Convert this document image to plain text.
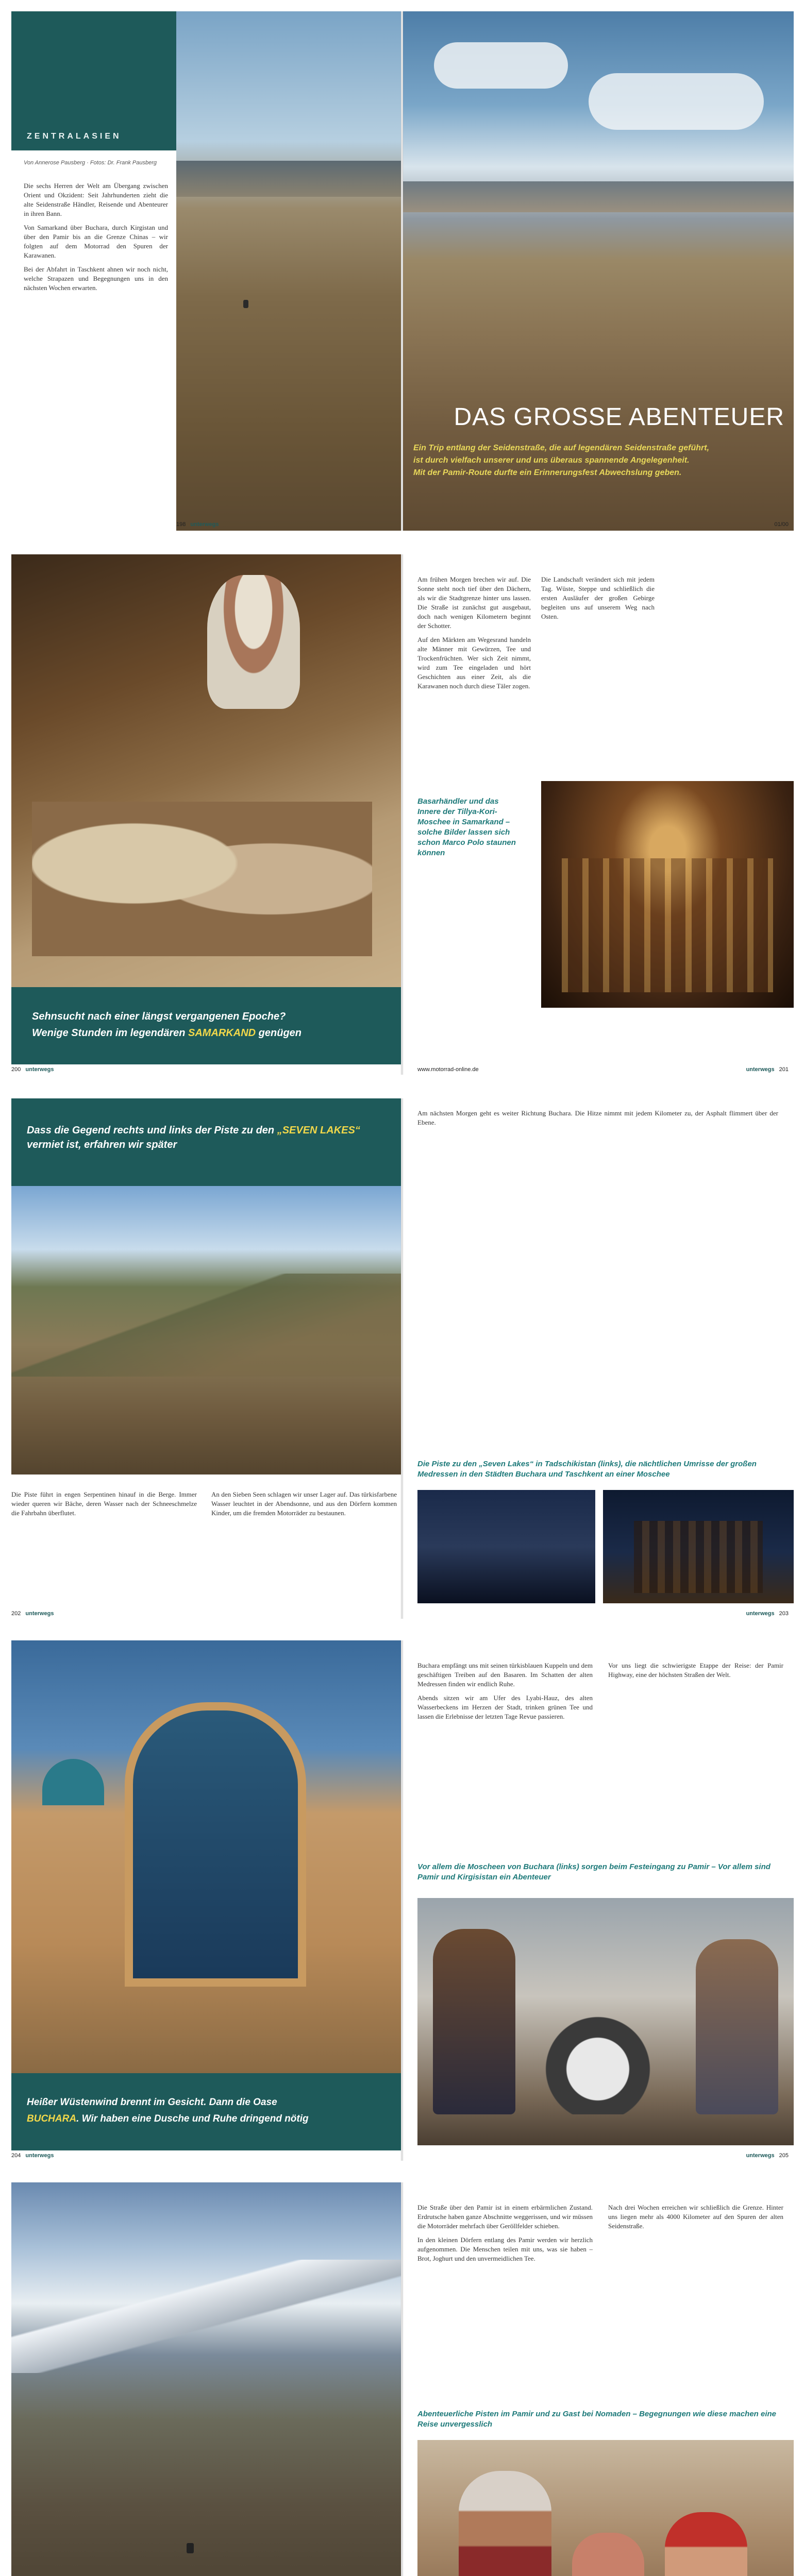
ZENTRALASIEN
Von Annerose Pausberg · Fotos: Dr. Frank Pausberg

Die sechs Herren der Welt am Übergang zwischen Orient und Okzident: Seit Jahrhunderten zieht die alte Seidenstraße Händler, Reisende und Abenteurer in ihren Bann.

Von Samarkand über Buchara, durch Kirgistan und über den Pamir bis an die Grenze Chinas – wir folgten auf dem Motorrad den Spuren der Karawanen.

Bei der Abfahrt in Taschkent ahnen wir noch nicht, welche Strapazen und Begegnungen uns in den nächsten Wochen erwarten.

DAS GROSSE ABENTEUER
Ein Trip entlang der Seidenstraße, die auf legendären Seidenstraße geführt,
ist durch vielfach unserer und uns überaus spannende Angelegenheit.
Mit der Pamir-Route durfte ein Erinnerungsfest Abwechslung geben.
198 unterwegs	01/00
Sehnsucht nach einer längst vergangenen Epoche?
Wenige Stunden im legendären SAMARKAND genügen

Am frühen Morgen brechen wir auf. Die Sonne steht noch tief über den Dächern, als wir die Stadtgrenze hinter uns lassen. Die Straße ist zunächst gut ausgebaut, doch nach wenigen Kilometern beginnt der Schotter.

Auf den Märkten am Wegesrand handeln alte Männer mit Gewürzen, Tee und Trockenfrüchten. Wer sich Zeit nimmt, wird zum Tee eingeladen und hört Geschichten aus einer Zeit, als die Karawanen noch durch diese Täler zogen.

Die Landschaft verändert sich mit jedem Tag. Wüste, Steppe und schließlich die ersten Ausläufer der großen Gebirge begleiten uns auf unserem Weg nach Osten.

Basarhändler und das Innere der Tillya-Kori-Moschee in Samarkand – solche Bilder lassen sich schon Marco Polo staunen können
200 unterwegs	www.motorrad-online.de	unterwegs 201
Dass die Gegend rechts und links der Piste zu den „SEVEN LAKES“ vermiet ist, erfahren wir später

Die Piste führt in engen Serpentinen hinauf in die Berge. Immer wieder queren wir Bäche, deren Wasser nach der Schneeschmelze die Fahrbahn überflutet.

An den Sieben Seen schlagen wir unser Lager auf. Das türkisfarbene Wasser leuchtet in der Abendsonne, und aus den Dörfern kommen Kinder, um die fremden Motorräder zu bestaunen.

Am nächsten Morgen geht es weiter Richtung Buchara. Die Hitze nimmt mit jedem Kilometer zu, der Asphalt flimmert über der Ebene.

Die Piste zu den „Seven Lakes“ in Tadschikistan (links), die nächtlichen Umrisse der großen Medressen in den Städten Buchara und Taschkent an einer Moschee
202 unterwegs	unterwegs 203
Heißer Wüstenwind brennt im Gesicht. Dann die Oase
BUCHARA. Wir haben eine Dusche und Ruhe dringend nötig

Buchara empfängt uns mit seinen türkisblauen Kuppeln und dem geschäftigen Treiben auf den Basaren. Im Schatten der alten Medressen finden wir endlich Ruhe.

Abends sitzen wir am Ufer des Lyabi-Hauz, des alten Wasserbeckens im Herzen der Stadt, trinken grünen Tee und lassen die Erlebnisse der letzten Tage Revue passieren.

Vor uns liegt die schwierigste Etappe der Reise: der Pamir Highway, eine der höchsten Straßen der Welt.

Vor allem die Moscheen von Buchara (links) sorgen beim Festeingang zu Pamir – Vor allem sind Pamir und Kirgisistan ein Abenteuer
204 unterwegs	unterwegs 205

Die Straße über den Pamir ist in einem erbärmlichen Zustand. Erdrutsche haben ganze Abschnitte weggerissen, und wir müssen die Motorräder mehrfach über Geröllfelder schieben.

In den kleinen Dörfern entlang des Pamir werden wir herzlich aufgenommen. Die Menschen teilen mit uns, was sie haben – Brot, Joghurt und den unvermeidlichen Tee.

Nach drei Wochen erreichen wir schließlich die Grenze. Hinter uns liegen mehr als 4000 Kilometer auf den Spuren der alten Seidenstraße.

Abenteuerliche Pisten im Pamir und zu Gast bei Nomaden – Begegnungen wie diese machen eine Reise unvergesslich
